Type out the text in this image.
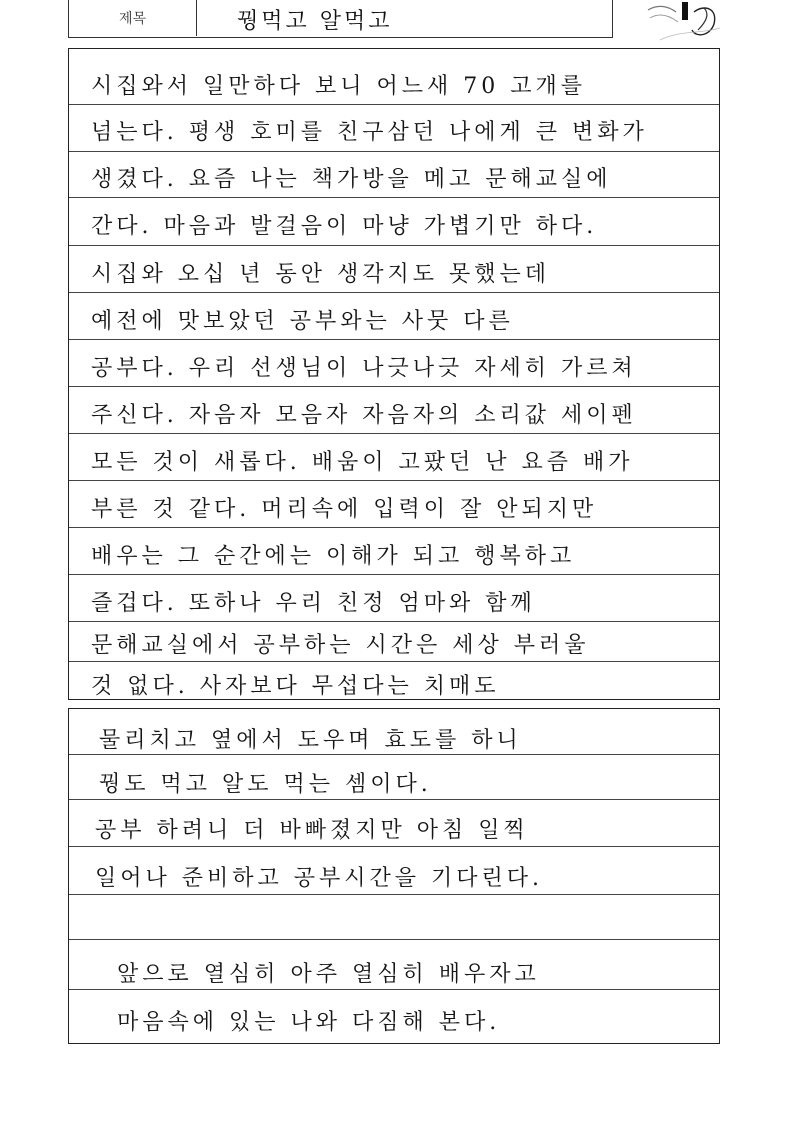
제목	꿩먹고 알먹고
시집와서 일만하다 보니 어느새 70 고개를
넘는다. 평생 호미를 친구삼던 나에게 큰 변화가
생겼다. 요즘 나는 책가방을 메고 문해교실에
간다. 마음과 발걸음이 마냥 가볍기만 하다.
시집와 오십 년 동안 생각지도 못했는데
예전에 맛보았던 공부와는 사뭇 다른
공부다. 우리 선생님이 나긋나긋 자세히 가르쳐
주신다. 자음자 모음자 자음자의 소리값 세이펜
모든 것이 새롭다. 배움이 고팠던 난 요즘 배가
부른 것 같다. 머리속에 입력이 잘 안되지만
배우는 그 순간에는 이해가 되고 행복하고
즐겁다. 또하나 우리 친정 엄마와 함께
문해교실에서 공부하는 시간은 세상 부러울
것 없다. 사자보다 무섭다는 치매도
물리치고 옆에서 도우며 효도를 하니
꿩도 먹고 알도 먹는 셈이다.
공부 하려니 더 바빠졌지만 아침 일찍
일어나 준비하고 공부시간을 기다린다.
앞으로 열심히 아주 열심히 배우자고
마음속에 있는 나와 다짐해 본다.
